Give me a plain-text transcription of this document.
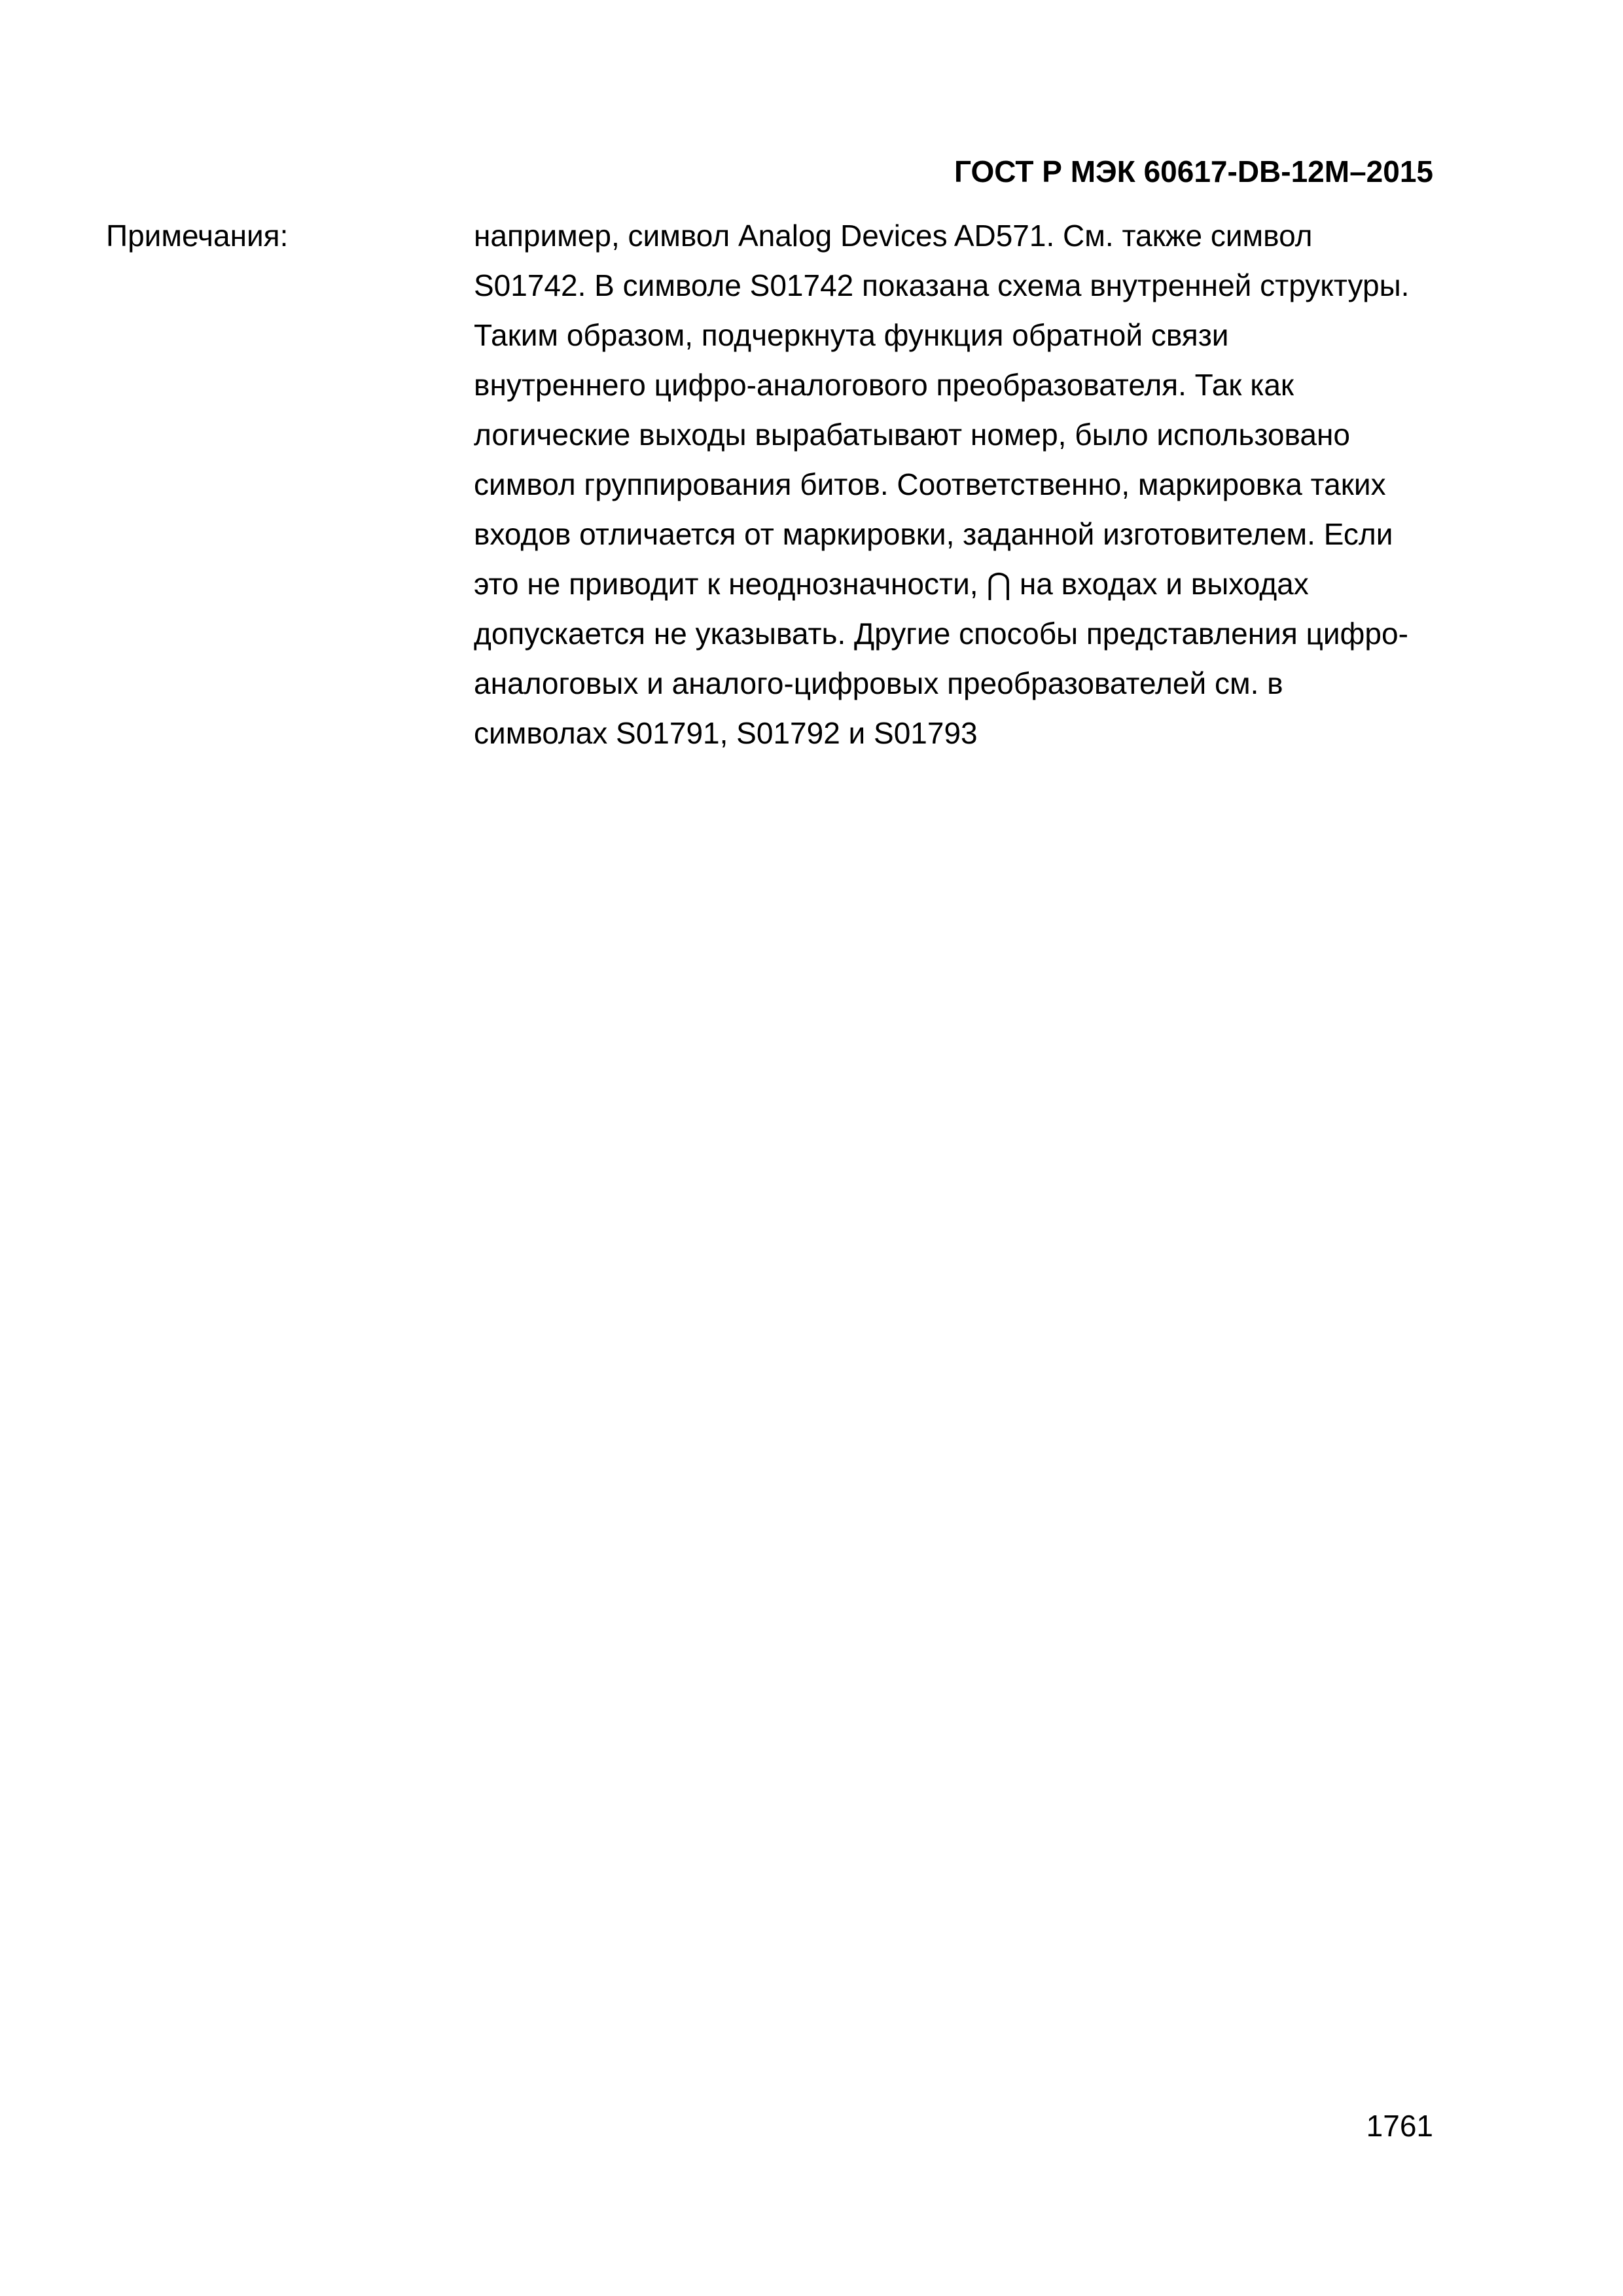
ГОСТ Р МЭК 60617-DB-12M–2015
Примечания:	например, символ Analog Devices AD571. См. также символ
S01742. В символе S01742 показана схема внутренней структуры.
Таким образом, подчеркнута функция обратной связи
внутреннего цифро-аналогового преобразователя. Так как
логические выходы вырабатывают номер, было использовано
символ группирования битов. Соответственно, маркировка таких
входов отличается от маркировки, заданной изготовителем. Если
это не приводит к неоднозначности, ⋂ на входах и выходах
допускается не указывать. Другие способы представления цифро-
аналоговых и аналого-цифровых преобразователей см. в
символах S01791, S01792 и S01793
1761
